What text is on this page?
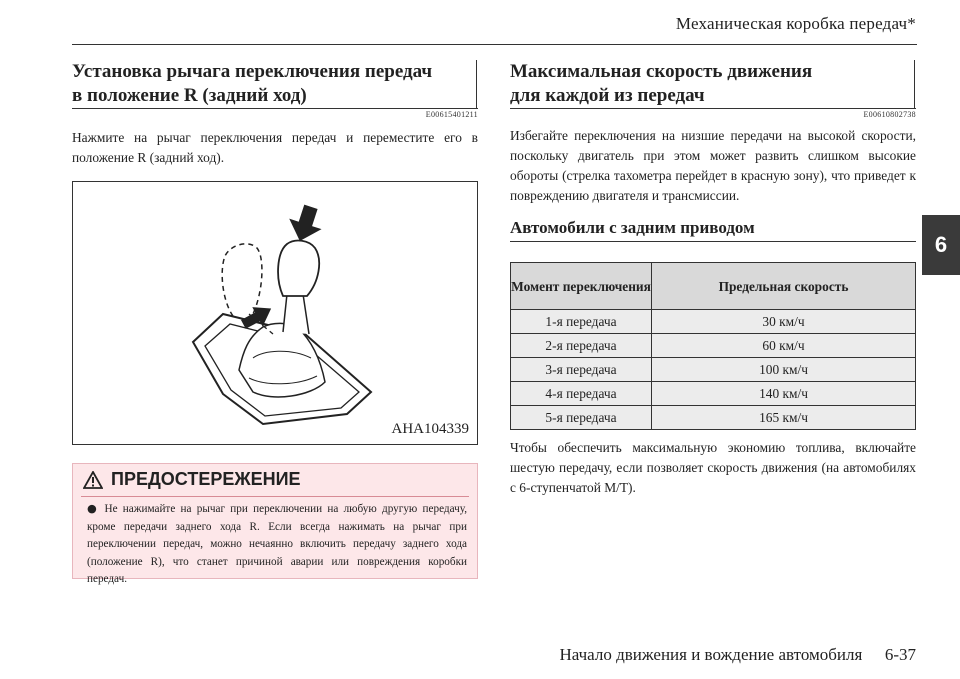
Механическая коробка передач*
6
Установка рычага переключения передач
в положение R (задний ход)
E00615401211
Нажмите на рычаг переключения передач и переместите его в положение R (задний ход).
AHA104339
ПРЕДОСТЕРЕЖЕНИЕ
● Не нажимайте на рычаг при переключении на любую другую передачу, кроме передачи заднего хода R. Если всегда нажимать на рычаг при переключении передач, можно нечаянно включить передачу заднего хода (положение R), что станет причиной аварии или повреждения коробки передач.
Максимальная скорость движения
для каждой из передач
E00610802738
Избегайте переключения на низшие передачи на высокой скорости, поскольку двигатель при этом может развить слишком высокие обороты (стрелка тахометра перейдет в красную зону), что приведет к повреждению двигателя и трансмиссии.
Автомобили с задним приводом
Момент переключения	Предельная скорость
1-я передача	30 км/ч
2-я передача	60 км/ч
3-я передача	100 км/ч
4-я передача	140 км/ч
5-я передача	165 км/ч
Чтобы обеспечить максимальную экономию топлива, включайте шестую передачу, если позволяет скорость движения (на автомобилях с 6-ступенчатой M/T).
Начало движения и вождение автомобиля 6-37
